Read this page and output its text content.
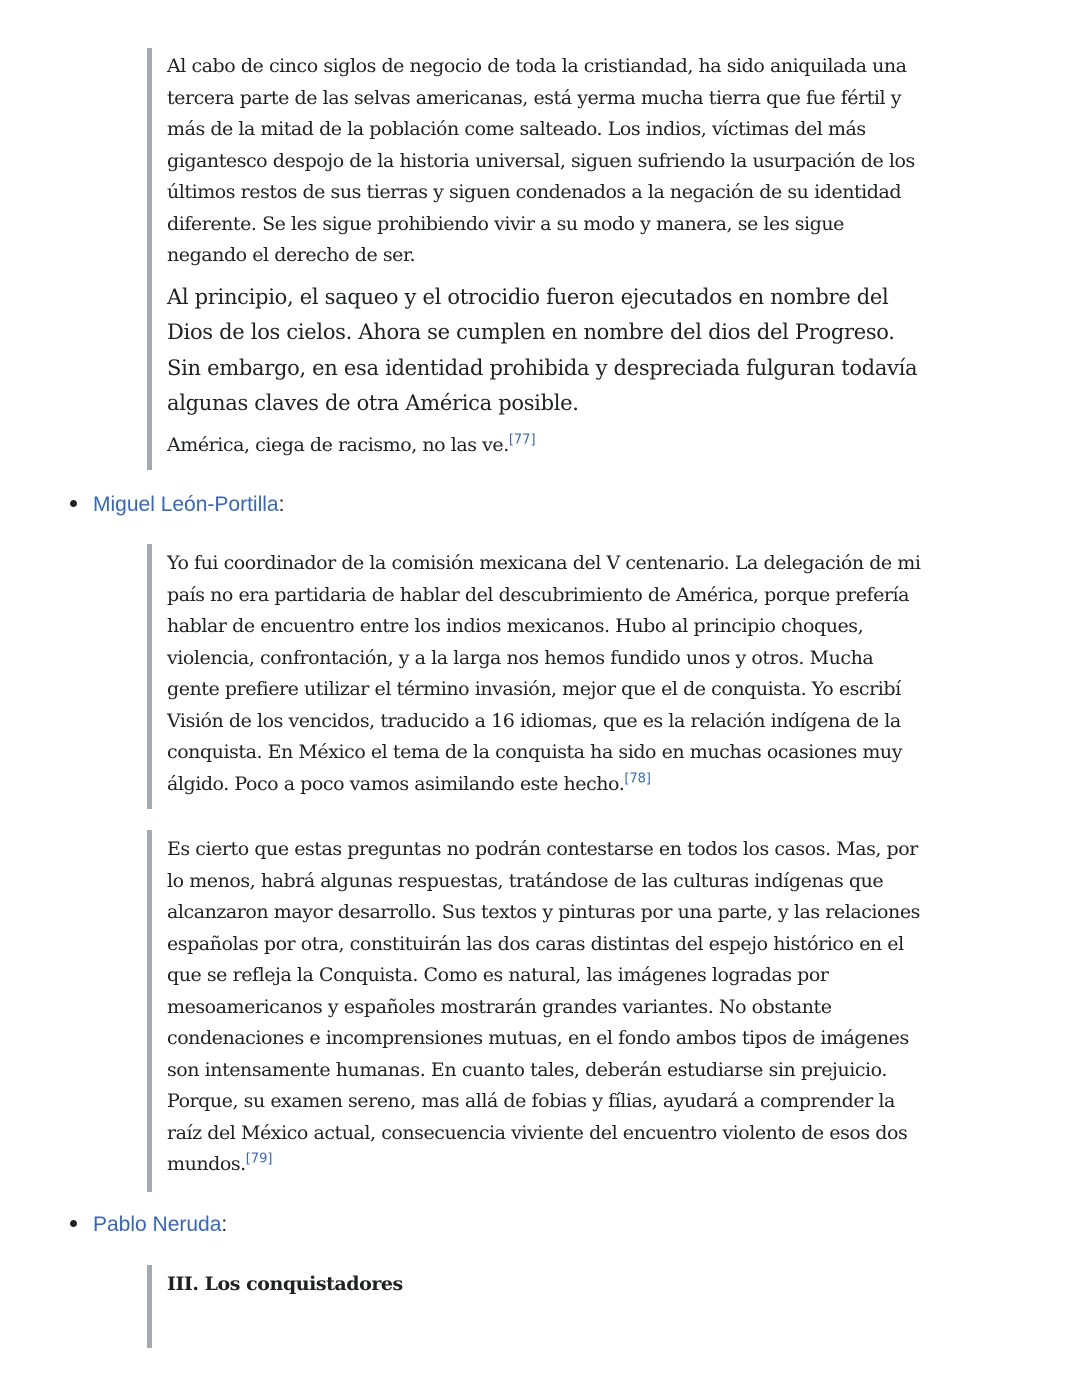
Al cabo de cinco siglos de negocio de toda la cristiandad, ha sido aniquilada una tercera parte de las selvas americanas, está yerma mucha tierra que fue fértil y más de la mitad de la población come salteado. Los indios, víctimas del más gigantesco despojo de la historia universal, siguen sufriendo la usurpación de los últimos restos de sus tierras y siguen condenados a la negación de su identidad diferente. Se les sigue prohibiendo vivir a su modo y manera, se les sigue negando el derecho de ser.

Al principio, el saqueo y el otrocidio fueron ejecutados en nombre del Dios de los cielos. Ahora se cumplen en nombre del dios del Progreso. Sin embargo, en esa identidad prohibida y despreciada fulguran todavía algunas claves de otra América posible.

América, ciega de racismo, no las ve.[77]

Miguel León-Portilla:

Yo fui coordinador de la comisión mexicana del V centenario. La delegación de mi país no era partidaria de hablar del descubrimiento de América, porque prefería hablar de encuentro entre los indios mexicanos. Hubo al principio choques, violencia, confrontación, y a la larga nos hemos fundido unos y otros. Mucha gente prefiere utilizar el término invasión, mejor que el de conquista. Yo escribí Visión de los vencidos, traducido a 16 idiomas, que es la relación indígena de la conquista. En México el tema de la conquista ha sido en muchas ocasiones muy álgido. Poco a poco vamos asimilando este hecho.[78]

Es cierto que estas preguntas no podrán contestarse en todos los casos. Mas, por lo menos, habrá algunas respuestas, tratándose de las culturas indígenas que alcanzaron mayor desarrollo. Sus textos y pinturas por una parte, y las relaciones españolas por otra, constituirán las dos caras distintas del espejo histórico en el que se refleja la Conquista. Como es natural, las imágenes logradas por mesoamericanos y españoles mostrarán grandes variantes. No obstante condenaciones e incomprensiones mutuas, en el fondo ambos tipos de imágenes son intensamente humanas. En cuanto tales, deberán estudiarse sin prejuicio. Porque, su examen sereno, mas allá de fobias y fílias, ayudará a comprender la raíz del México actual, consecuencia viviente del encuentro violento de esos dos mundos.[79]

Pablo Neruda:

III. Los conquistadores
